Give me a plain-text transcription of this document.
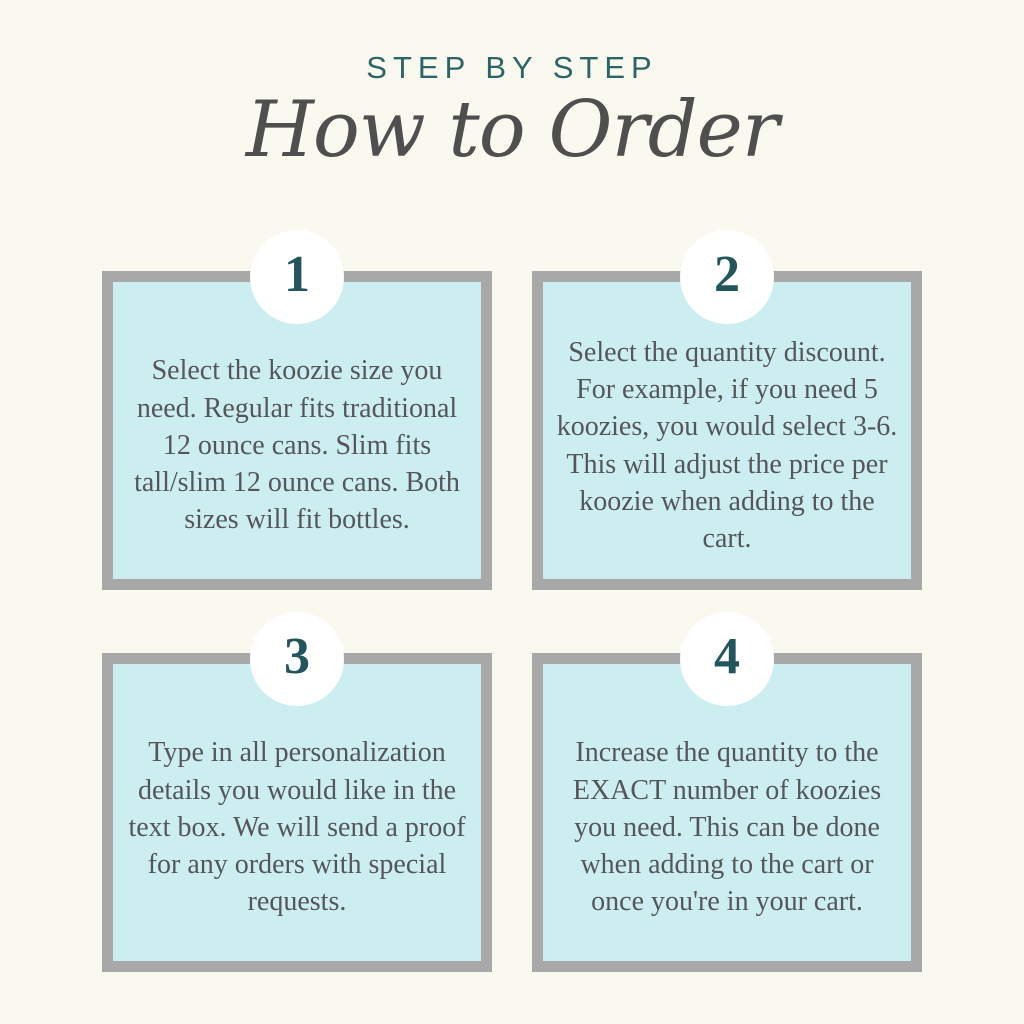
STEP BY STEP
How to Order
1

Select the koozie size you need. Regular fits traditional 12 ounce cans. Slim fits tall/slim 12 ounce cans. Both sizes will fit bottles.

2

Select the quantity discount. For example, if you need 5 koozies, you would select 3-6. This will adjust the price per koozie when adding to the cart.

3

Type in all personalization details you would like in the text box. We will send a proof for any orders with special requests.

4

Increase the quantity to the EXACT number of koozies you need. This can be done when adding to the cart or once you're in your cart.
